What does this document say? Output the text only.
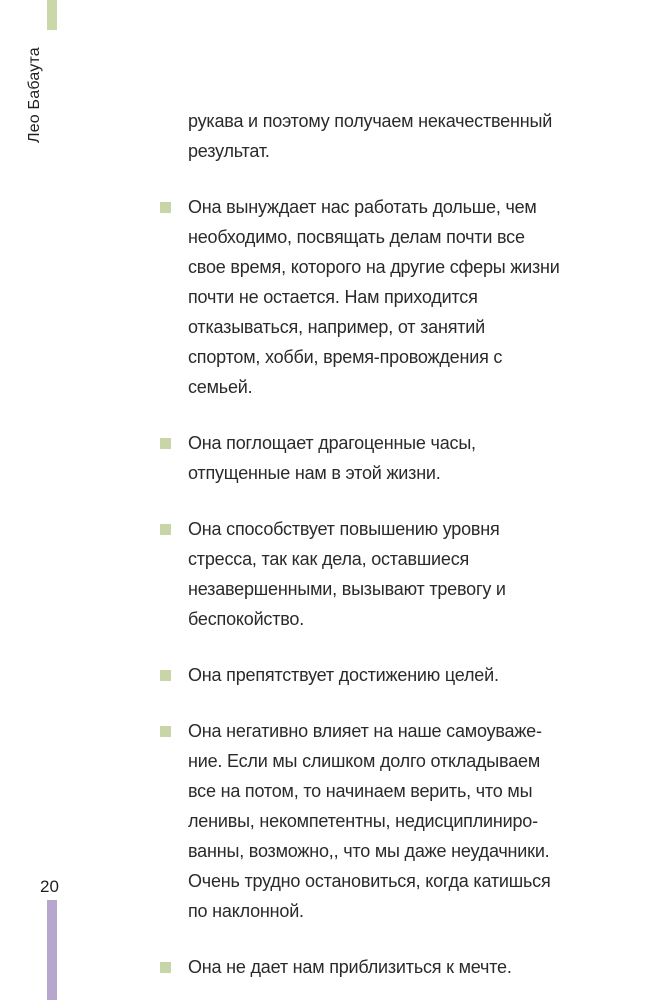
Лео Бабаута	рукава и поэтому получаем некачественный результат.

Она вынуждает нас работать дольше, чем необходимо, посвящать делам почти все свое время, которого на другие сферы жизни почти не остается. Нам приходится отказываться, например, от занятий спортом, хобби, время-провождения с семьей.
Она поглощает драгоценные часы, отпущенные нам в этой жизни.
Она способствует повышению уровня стресса, так как дела, оставшиеся незавершенными, вызывают тревогу и беспокойство.
Она препятствует достижению целей.
Она негативно влияет на наше самоуваже-ние. Если мы слишком долго откладываем все на потом, то начинаем верить, что мы ленивы, некомпетентны, недисциплиниро-ванны, возможно,, что мы даже неудачники. Очень трудно остановиться, когда катишься по наклонной.
Она не дает нам приблизиться к мечте.
20
